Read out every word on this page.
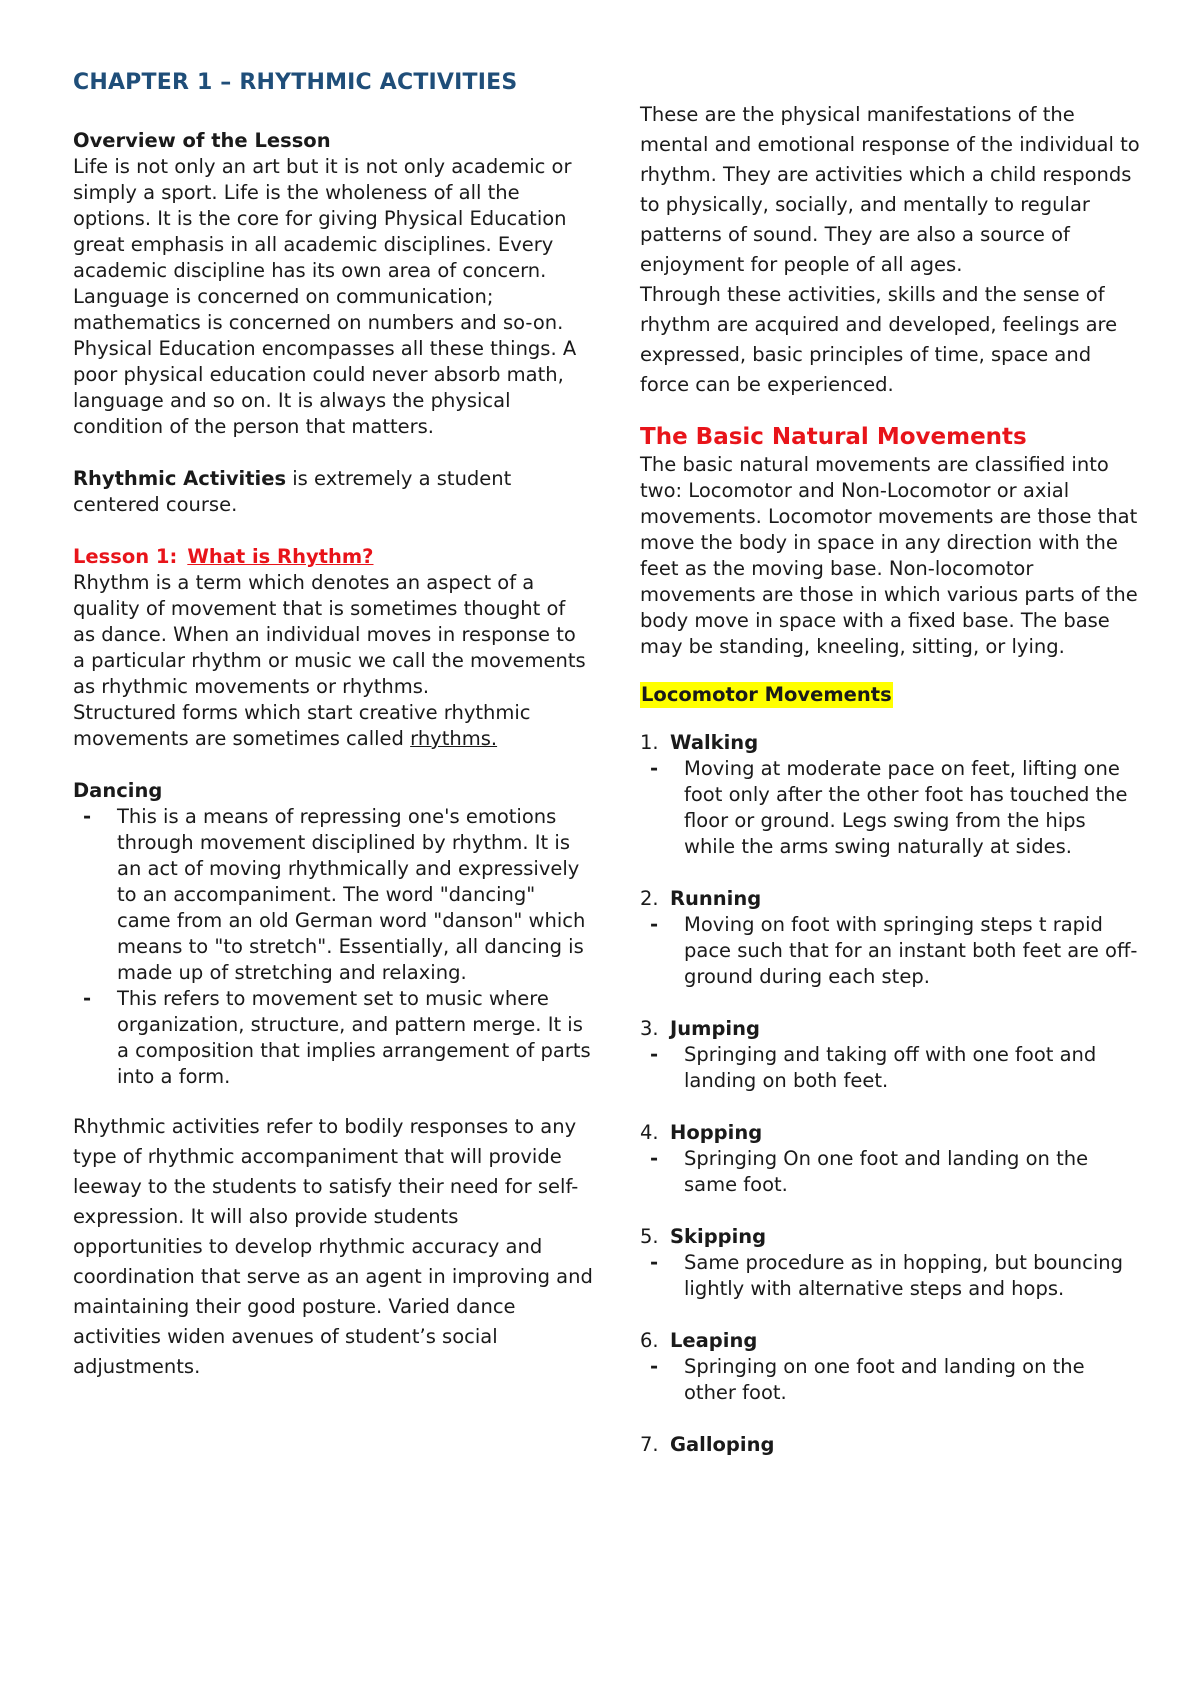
CHAPTER 1 – RHYTHMIC ACTIVITIES

Overview of the Lesson

Life is not only an art but it is not only academic or simply a sport. Life is the wholeness of all the options. It is the core for giving Physical Education great emphasis in all academic disciplines. Every academic discipline has its own area of concern. Language is concerned on communication; mathematics is concerned on numbers and so-on.

Physical Education encompasses all these things. A poor physical education could never absorb math, language and so on. It is always the physical condition of the person that matters.

Rhythmic Activities is extremely a student centered course.

Lesson 1: What is Rhythm?

Rhythm is a term which denotes an aspect of a quality of movement that is sometimes thought of as dance. When an individual moves in response to a particular rhythm or music we call the movements as rhythmic movements or rhythms.

Structured forms which start creative rhythmic movements are sometimes called rhythms.

Dancing

- This is a means of repressing one's emotions through movement disciplined by rhythm. It is an act of moving rhythmically and expressively to an accompaniment. The word "dancing" came from an old German word "danson" which means to "to stretch". Essentially, all dancing is made up of stretching and relaxing.
- This refers to movement set to music where organization, structure, and pattern merge. It is a composition that implies arrangement of parts into a form.

Rhythmic activities refer to bodily responses to any type of rhythmic accompaniment that will provide leeway to the students to satisfy their need for self-expression. It will also provide students opportunities to develop rhythmic accuracy and coordination that serve as an agent in improving and maintaining their good posture. Varied dance activities widen avenues of student’s social adjustments.

These are the physical manifestations of the mental and emotional response of the individual to rhythm. They are activities which a child responds to physically, socially, and mentally to regular patterns of sound. They are also a source of enjoyment for people of all ages.

Through these activities, skills and the sense of rhythm are acquired and developed, feelings are expressed, basic principles of time, space and force can be experienced.

The Basic Natural Movements

The basic natural movements are classified into two: Locomotor and Non-Locomotor or axial movements. Locomotor movements are those that move the body in space in any direction with the feet as the moving base. Non-locomotor movements are those in which various parts of the body move in space with a fixed base. The base may be standing, kneeling, sitting, or lying.

Locomotor Movements
1. Walking
- Moving at moderate pace on feet, lifting one foot only after the other foot has touched the floor or ground. Legs swing from the hips while the arms swing naturally at sides.
2. Running
- Moving on foot with springing steps t rapid pace such that for an instant both feet are off-ground during each step.
3. Jumping
- Springing and taking off with one foot and landing on both feet.
4. Hopping
- Springing On one foot and landing on the same foot.
5. Skipping
- Same procedure as in hopping, but bouncing lightly with alternative steps and hops.
6. Leaping
- Springing on one foot and landing on the other foot.
7. Galloping
